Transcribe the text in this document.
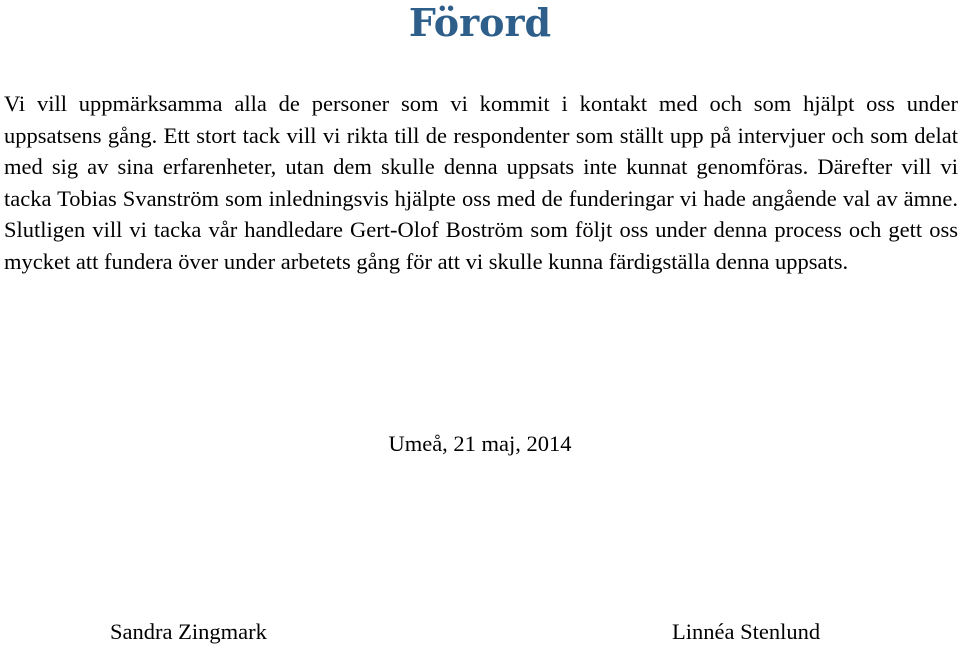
Förord

Vi vill uppmärksamma alla de personer som vi kommit i kontakt med och som hjälpt oss under uppsatsens gång. Ett stort tack vill vi rikta till de respondenter som ställt upp på intervjuer och som delat med sig av sina erfarenheter, utan dem skulle denna uppsats inte kunnat genomföras. Därefter vill vi tacka Tobias Svanström som inledningsvis hjälpte oss med de funderingar vi hade angående val av ämne. Slutligen vill vi tacka vår handledare Gert-Olof Boström som följt oss under denna process och gett oss mycket att fundera över under arbetets gång för att vi skulle kunna färdigställa denna uppsats.

Umeå, 21 maj, 2014

Sandra Zingmark	Linnéa Stenlund
